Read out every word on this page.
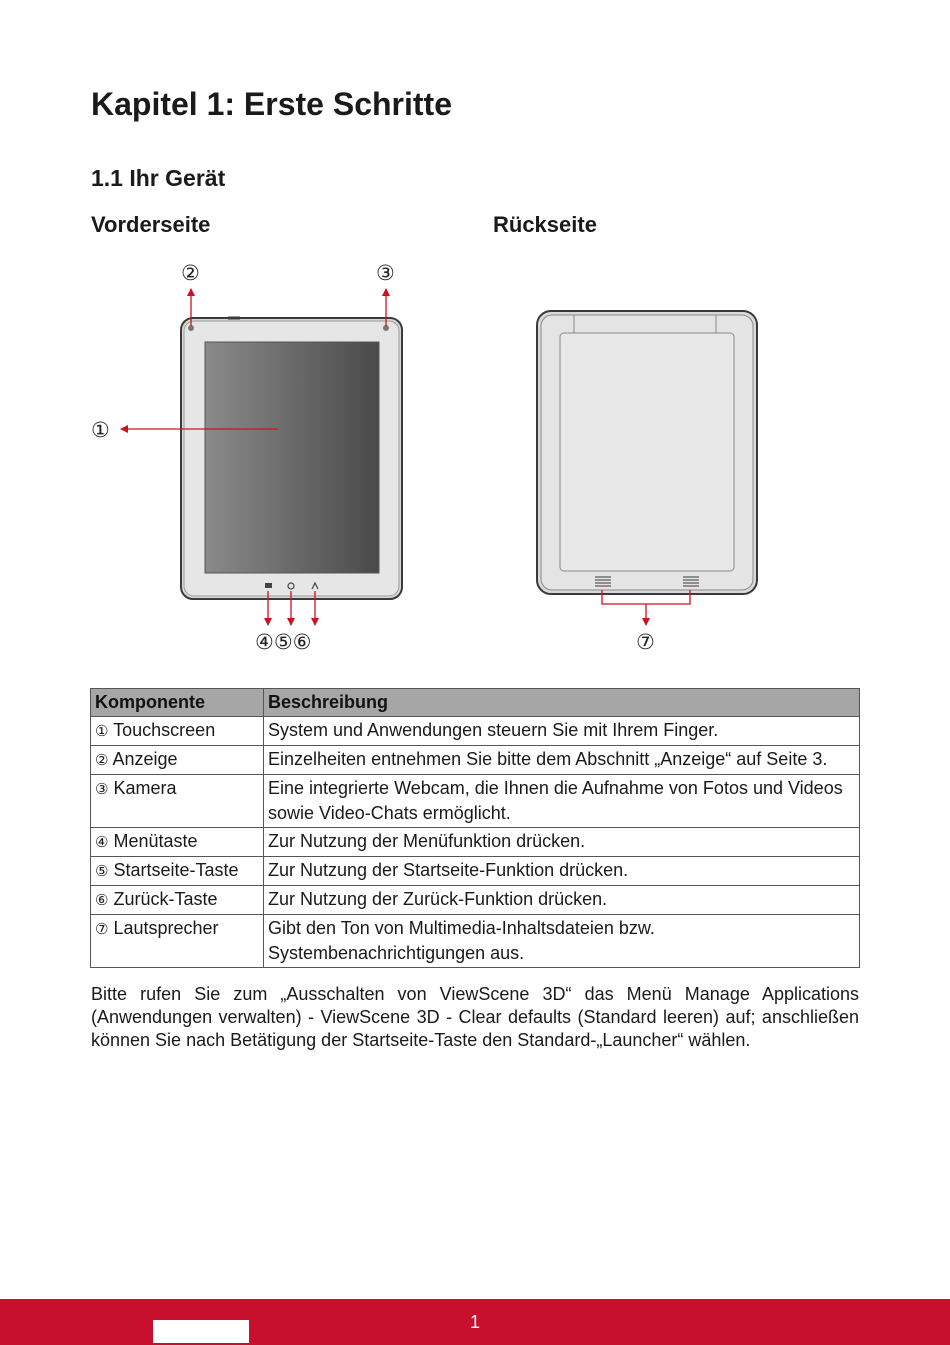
Kapitel 1: Erste Schritte
1.1 Ihr Gerät
Vorderseite	Rückseite
①
②	③
④⑤⑥	⑦
Komponente	Beschreibung
① Touchscreen	System und Anwendungen steuern Sie mit Ihrem Finger.
② Anzeige	Einzelheiten entnehmen Sie bitte dem Abschnitt „Anzeige“ auf Seite 3.
③ Kamera	Eine integrierte Webcam, die Ihnen die Aufnahme von Fotos und Videos sowie Video-Chats ermöglicht.
④ Menütaste	Zur Nutzung der Menüfunktion drücken.
⑤ Startseite-Taste	Zur Nutzung der Startseite-Funktion drücken.
⑥ Zurück-Taste	Zur Nutzung der Zurück-Funktion drücken.
⑦ Lautsprecher	Gibt den Ton von Multimedia-Inhaltsdateien bzw. Systembenachrichtigungen aus.

Bitte rufen Sie zum „Ausschalten von ViewScene 3D“ das Menü Manage Applications (Anwendungen verwalten) - ViewScene 3D - Clear defaults (Standard leeren) auf; anschließen können Sie nach Betätigung der Startseite-Taste den Standard-„Launcher“ wählen.

1
